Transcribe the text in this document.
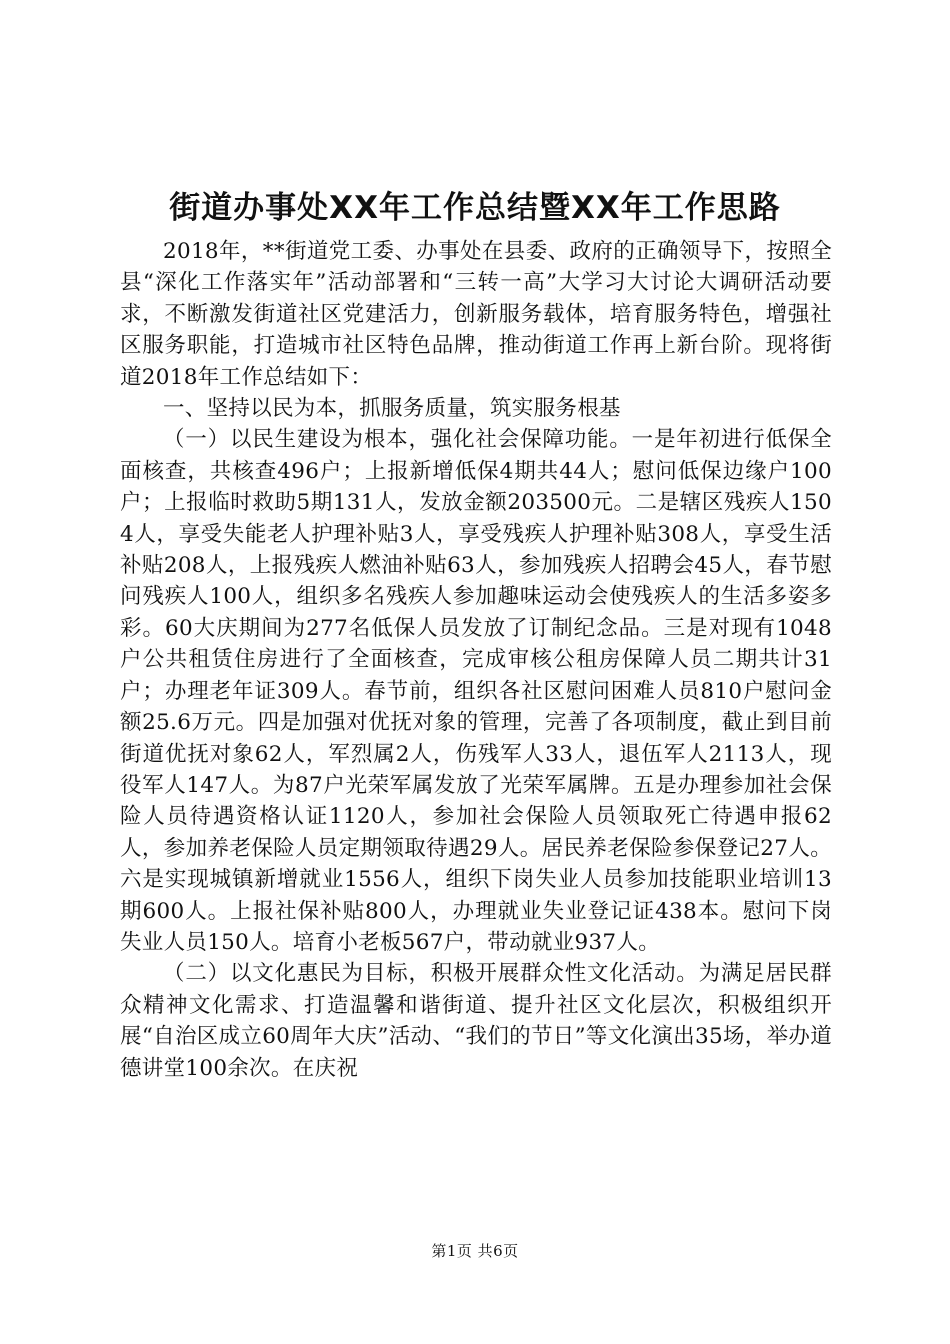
街道办事处XX年工作总结暨XX年工作思路

2018年，**街道党工委、办事处在县委、政府的正确领导下，按照全县“深化工作落实年”活动部署和“三转一高”大学习大讨论大调研活动要求，不断激发街道社区党建活力，创新服务载体，培育服务特色，增强社区服务职能，打造城市社区特色品牌，推动街道工作再上新台阶。现将街道2018年工作总结如下：

一、坚持以民为本，抓服务质量，筑实服务根基

（一）以民生建设为根本，强化社会保障功能。一是年初进行低保全面核查，共核查496户；上报新增低保4期共44人；慰问低保边缘户100户；上报临时救助5期131人，发放金额203500元。二是辖区残疾人1504人，享受失能老人护理补贴3人，享受残疾人护理补贴308人，享受生活补贴208人，上报残疾人燃油补贴63人，参加残疾人招聘会45人，春节慰问残疾人100人，组织多名残疾人参加趣味运动会使残疾人的生活多姿多彩。60大庆期间为277名低保人员发放了订制纪念品。三是对现有1048户公共租赁住房进行了全面核查，完成审核公租房保障人员二期共计31户；办理老年证309人。春节前，组织各社区慰问困难人员810户慰问金额25.6万元。四是加强对优抚对象的管理，完善了各项制度，截止到目前街道优抚对象62人，军烈属2人，伤残军人33人，退伍军人2113人，现役军人147人。为87户光荣军属发放了光荣军属牌。五是办理参加社会保险人员待遇资格认证1120人，参加社会保险人员领取死亡待遇申报62人，参加养老保险人员定期领取待遇29人。居民养老保险参保登记27人。六是实现城镇新增就业1556人，组织下岗失业人员参加技能职业培训13期600人。上报社保补贴800人，办理就业失业登记证438本。慰问下岗失业人员150人。培育小老板567户，带动就业937人。

（二）以文化惠民为目标，积极开展群众性文化活动。为满足居民群众精神文化需求、打造温馨和谐街道、提升社区文化层次，积极组织开展“自治区成立60周年大庆”活动、“我们的节日”等文化演出35场，举办道德讲堂100余次。在庆祝

第1页 共6页
